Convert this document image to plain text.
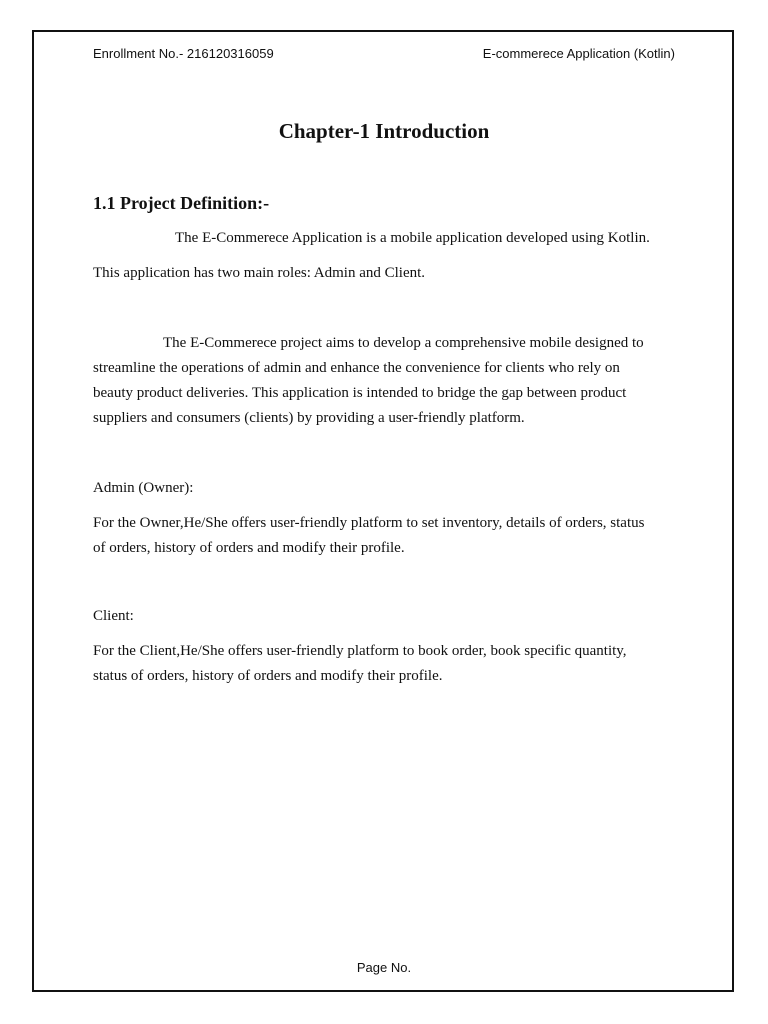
Enrollment No.- 216120316059	E-commerece Application (Kotlin)
Chapter-1 Introduction
1.1 Project Definition:-

The E-Commerece Application is a mobile application developed using Kotlin.

This application has two main roles: Admin and Client.

The E-Commerece project aims to develop a comprehensive mobile designed to

streamline the operations of admin and enhance the convenience for clients who rely on

beauty product deliveries. This application is intended to bridge the gap between product

suppliers and consumers (clients) by providing a user-friendly platform.

Admin (Owner):

For the Owner,He/She offers user-friendly platform to set inventory, details of orders, status

of orders, history of orders and modify their profile.

Client:

For the Client,He/She offers user-friendly platform to book order, book specific quantity,

status of orders, history of orders and modify their profile.

Page No.
